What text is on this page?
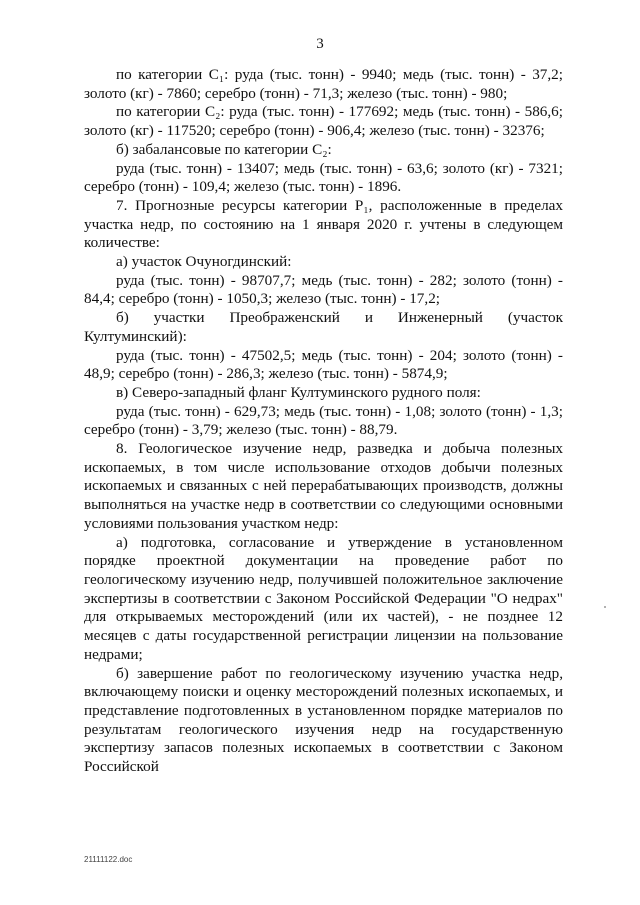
3

по категории C₁: руда (тыс. тонн) - 9940; медь (тыс. тонн) - 37,2; золото (кг) - 7860; серебро (тонн) - 71,3; железо (тыс. тонн) - 980;

по категории C₂: руда (тыс. тонн) - 177692; медь (тыс. тонн) - 586,6; золото (кг) - 117520; серебро (тонн) - 906,4; железо (тыс. тонн) - 32376;

б) забалансовые по категории C₂:

руда (тыс. тонн) - 13407; медь (тыс. тонн) - 63,6; золото (кг) - 7321; серебро (тонн) - 109,4; железо (тыс. тонн) - 1896.

7. Прогнозные ресурсы категории P₁, расположенные в пределах участка недр, по состоянию на 1 января 2020 г. учтены в следующем количестве:

а) участок Очуногдинский:

руда (тыс. тонн) - 98707,7; медь (тыс. тонн) - 282; золото (тонн) - 84,4; серебро (тонн) - 1050,3; железо (тыс. тонн) - 17,2;

б) участки Преображенский и Инженерный (участок Култуминский):

руда (тыс. тонн) - 47502,5; медь (тыс. тонн) - 204; золото (тонн) - 48,9; серебро (тонн) - 286,3; железо (тыс. тонн) - 5874,9;

в) Северо-западный фланг Култуминского рудного поля:

руда (тыс. тонн) - 629,73; медь (тыс. тонн) - 1,08; золото (тонн) - 1,3; серебро (тонн) - 3,79; железо (тыс. тонн) - 88,79.

8. Геологическое изучение недр, разведка и добыча полезных ископаемых, в том числе использование отходов добычи полезных ископаемых и связанных с ней перерабатывающих производств, должны выполняться на участке недр в соответствии со следующими основными условиями пользования участком недр:

а) подготовка, согласование и утверждение в установленном порядке проектной документации на проведение работ по геологическому изучению недр, получившей положительное заключение экспертизы в соответствии с Законом Российской Федерации "О недрах" для открываемых месторождений (или их частей), - не позднее 12 месяцев с даты государственной регистрации лицензии на пользование недрами;

б) завершение работ по геологическому изучению участка недр, включающему поиски и оценку месторождений полезных ископаемых, и представление подготовленных в установленном порядке материалов по результатам геологического изучения недр на государственную экспертизу запасов полезных ископаемых в соответствии с Законом Российской

21111122.doc
